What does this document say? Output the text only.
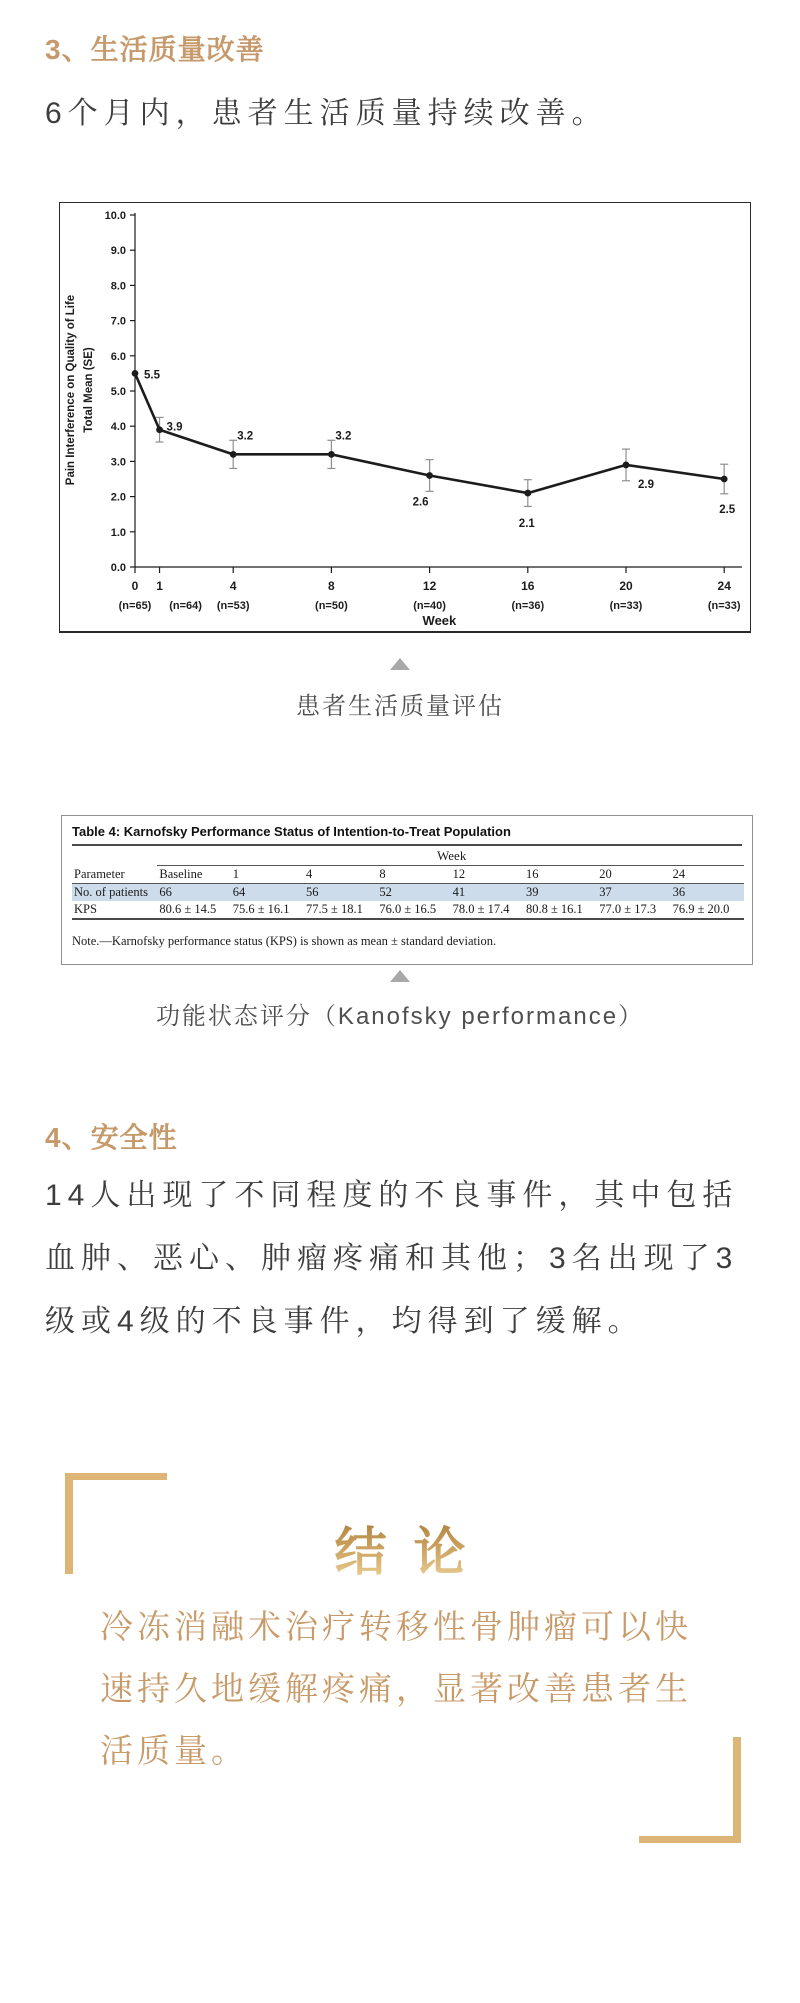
3、生活质量改善
6个月内，患者生活质量持续改善。
0.0
1.0
2.0
3.0
4.0
5.0
6.0
7.0
8.0
9.0
10.0
Pain Interference on Quality of Life Total Mean (SE)
0
(n=65)
1
(n=64)
4
(n=53)
8
(n=50)
12
(n=40)
16
(n=36)
20
(n=33)
24
(n=33)
Week
5.5
3.9
3.2	3.2
2.6
2.1
2.9
2.5
患者生活质量评估
Table 4: Karnofsky Performance Status of Intention-to-Treat Population
	Week							
Parameter	Baseline	1	4	8	12	16	20	24
No. of patients	66	64	56	52	41	39	37	36
KPS	80.6 ± 14.5	75.6 ± 16.1	77.5 ± 18.1	76.0 ± 16.5	78.0 ± 17.4	80.8 ± 16.1	77.0 ± 17.3	76.9 ± 20.0
Note.—Karnofsky performance status (KPS) is shown as mean ± standard deviation.
功能状态评分（Kanofsky performance）
4、安全性
14人出现了不同程度的不良事件，其中包括
血肿、恶心、肿瘤疼痛和其他；3名出现了3
级或4级的不良事件，均得到了缓解。
结 论
冷冻消融术治疗转移性骨肿瘤可以快
速持久地缓解疼痛，显著改善患者生
活质量。
